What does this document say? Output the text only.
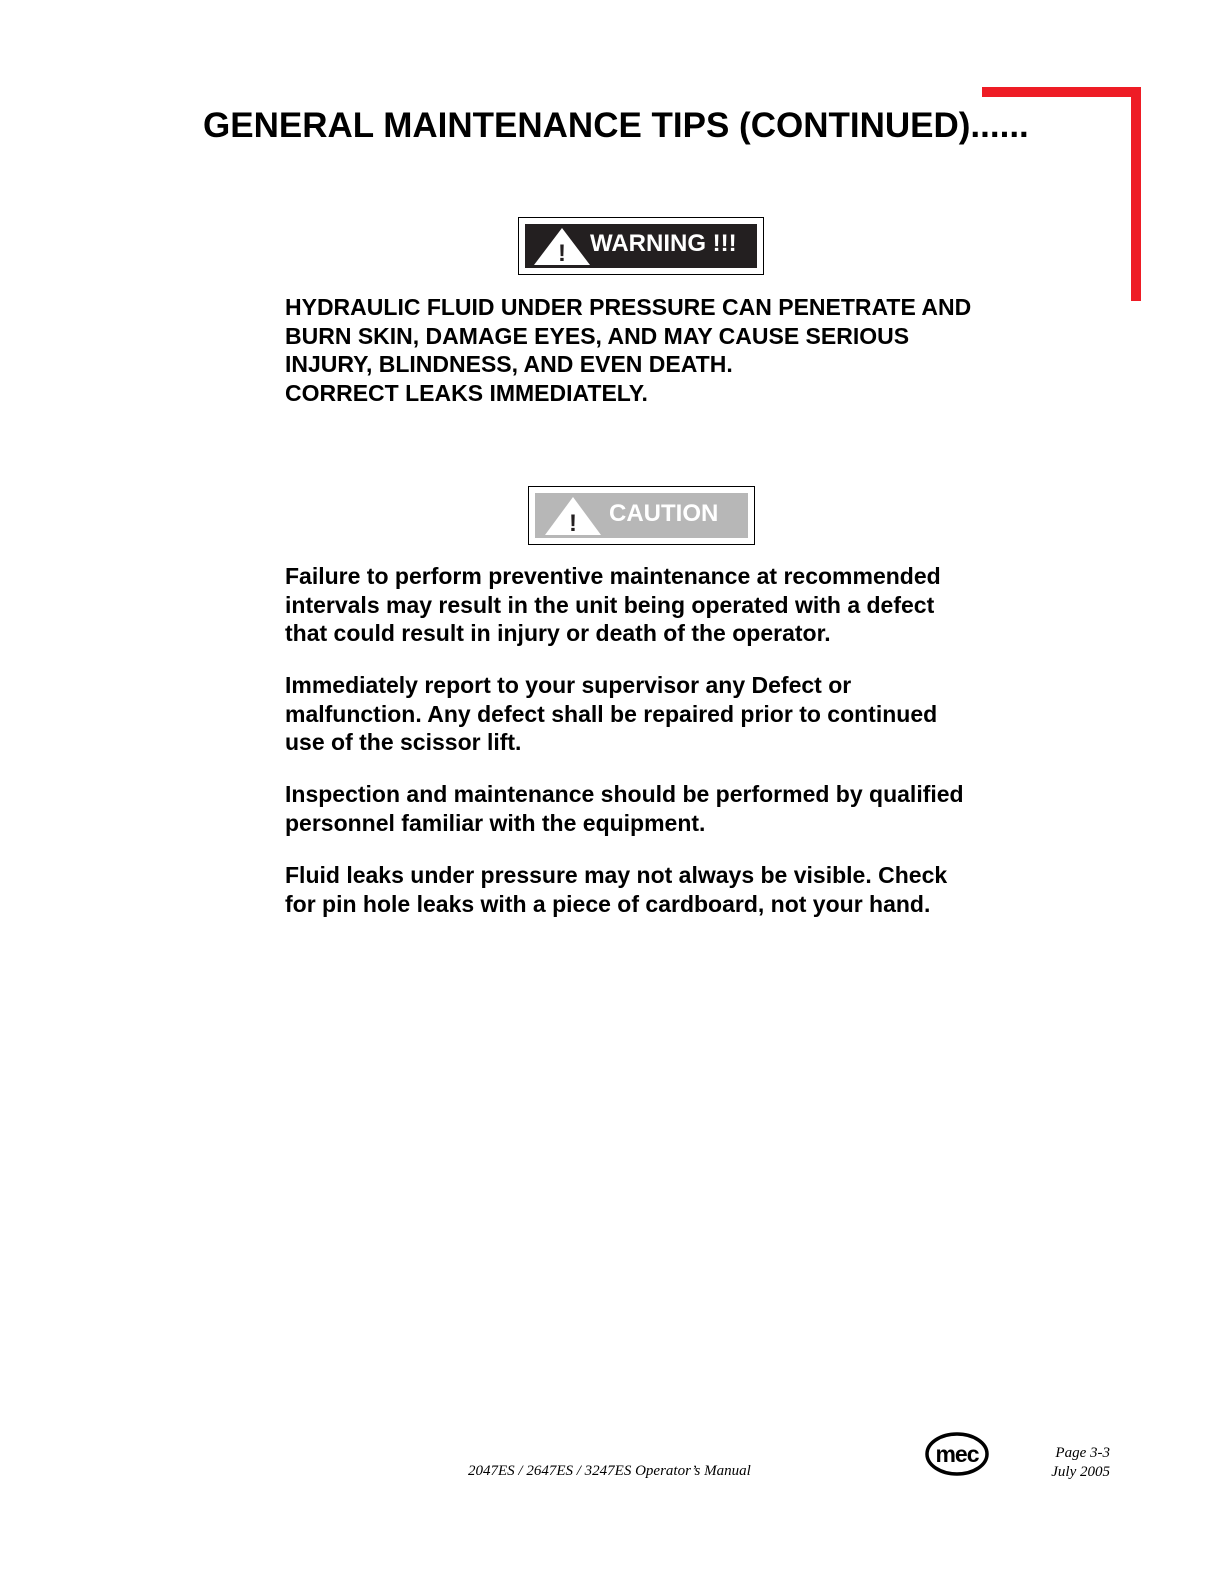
GENERAL MAINTENANCE TIPS (CONTINUED)......
! WARNING !!!
HYDRAULIC FLUID UNDER PRESSURE CAN PENETRATE AND
BURN SKIN, DAMAGE EYES, AND MAY CAUSE SERIOUS
INJURY, BLINDNESS, AND EVEN DEATH.
CORRECT LEAKS IMMEDIATELY.
! CAUTION
Failure to perform preventive maintenance at recommended
intervals may result in the unit being operated with a defect
that could result in injury or death of the operator.
Immediately report to your supervisor any Defect or
malfunction. Any defect shall be repaired prior to continued
use of the scissor lift.
Inspection and maintenance should be performed by qualified
personnel familiar with the equipment.
Fluid leaks under pressure may not always be visible. Check
for pin hole leaks with a piece of cardboard, not your hand.
2047ES / 2647ES / 3247ES Operator’s Manual
mec	Page 3-3
July 2005
